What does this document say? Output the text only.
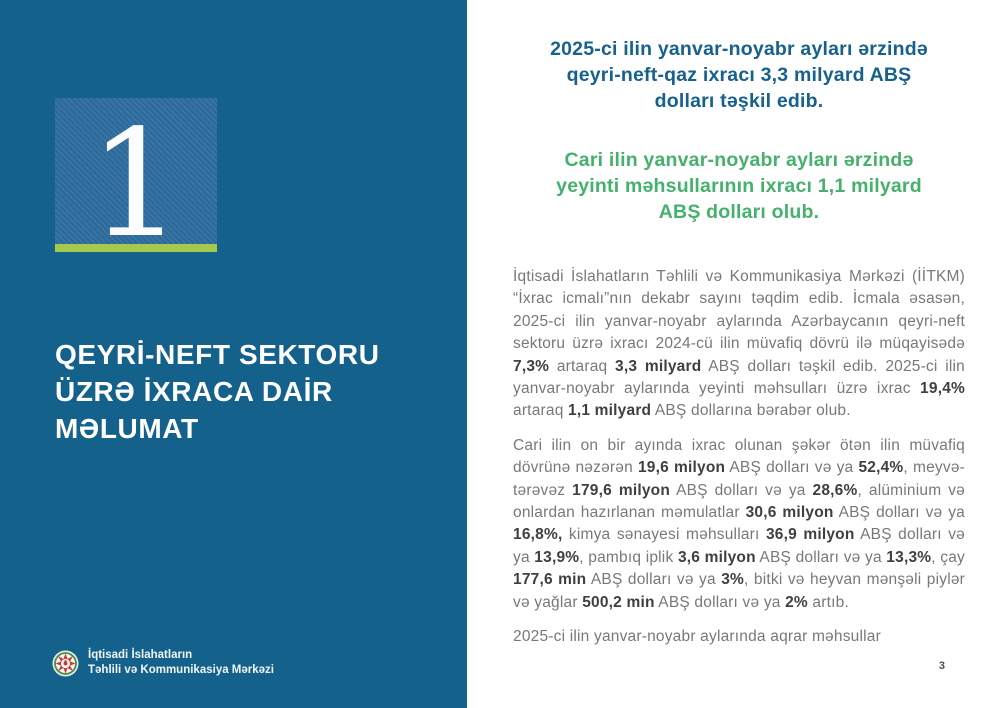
1
QEYRİ-NEFT SEKTORU
ÜZRƏ İXRACA DAİR
MƏLUMAT
İqtisadi İslahatların
Təhlili və Kommunikasiya Mərkəzi
2025-ci ilin yanvar-noyabr ayları ərzində
qeyri-neft-qaz ixracı 3,3 milyard ABŞ
dolları təşkil edib.
Cari ilin yanvar-noyabr ayları ərzində
yeyinti məhsullarının ixracı 1,1 milyard
ABŞ dolları olub.

İqtisadi İslahatların Təhlili və Kommunikasiya Mərkəzi (İİTKM) “İxrac icmalı”nın dekabr sayını təqdim edib. İcmala əsasən, 2025-ci ilin yanvar-noyabr aylarında Azərbaycanın qeyri-neft sektoru üzrə ixracı 2024-cü ilin müvafiq dövrü ilə müqayisədə 7,3% artaraq 3,3 milyard ABŞ dolları təşkil edib. 2025-ci ilin yanvar-noyabr aylarında yeyinti məhsulları üzrə ixrac 19,4% artaraq 1,1 milyard ABŞ dollarına bərabər olub.

Cari ilin on bir ayında ixrac olunan şəkər ötən ilin müvafiq dövrünə nəzərən 19,6 milyon ABŞ dolları və ya 52,4%, meyvə-tərəvəz 179,6 milyon ABŞ dolları və ya 28,6%, alüminium və onlardan hazırlanan məmulatlar 30,6 milyon ABŞ dolları və ya 16,8%, kimya sənayesi məhsulları 36,9 milyon ABŞ dolları və ya 13,9%, pambıq iplik 3,6 milyon ABŞ dolları və ya 13,3%, çay 177,6 min ABŞ dolları və ya 3%, bitki və heyvan mənşəli piylər və yağlar 500,2 min ABŞ dolları və ya 2% artıb.

2025-ci ilin yanvar-noyabr aylarında aqrar məhsullar

3
